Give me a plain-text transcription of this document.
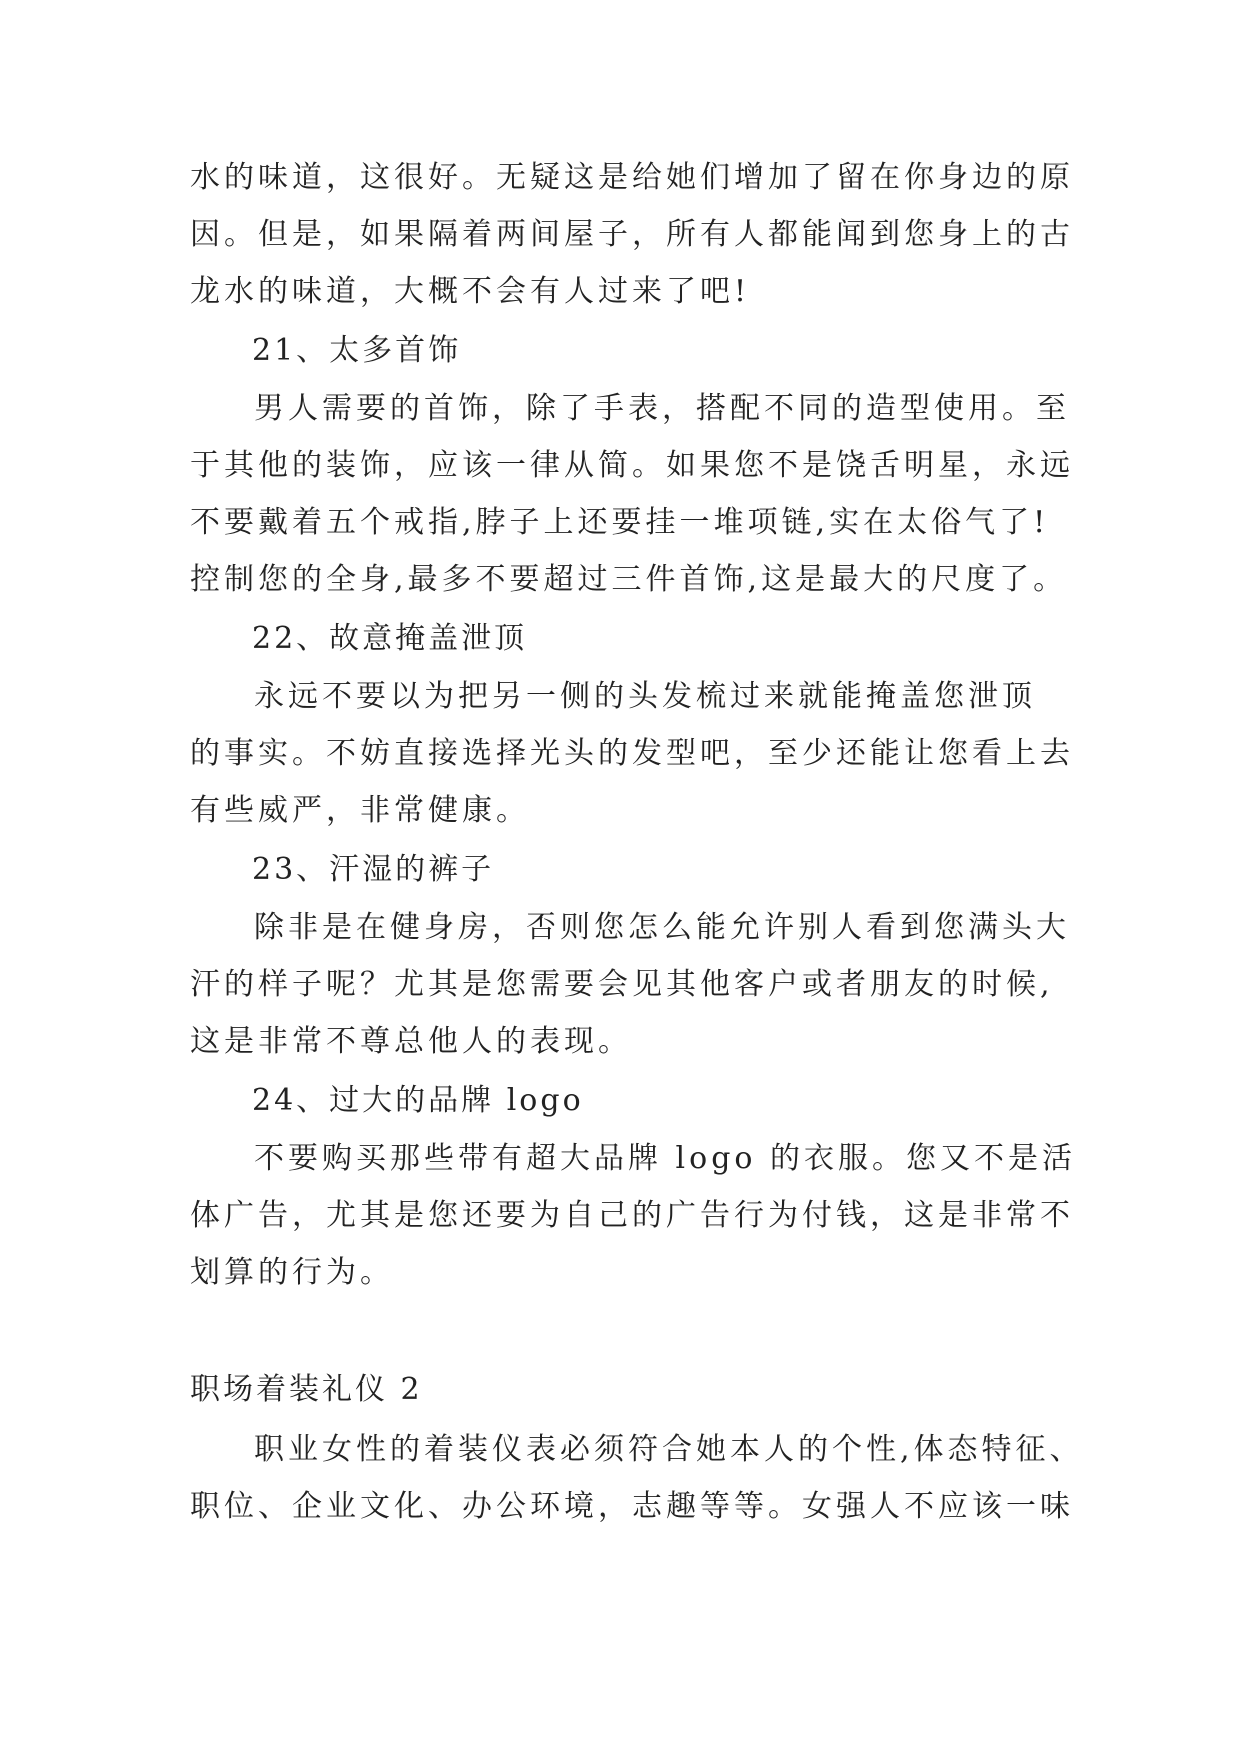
水的味道，这很好。无疑这是给她们增加了留在你身边的原
因。但是，如果隔着两间屋子，所有人都能闻到您身上的古
龙水的味道，大概不会有人过来了吧!
21、太多首饰
男人需要的首饰，除了手表，搭配不同的造型使用。至
于其他的装饰，应该一律从简。如果您不是饶舌明星，永远
不要戴着五个戒指,脖子上还要挂一堆项链,实在太俗气了!
控制您的全身,最多不要超过三件首饰,这是最大的尺度了。
22、故意掩盖泄顶
永远不要以为把另一侧的头发梳过来就能掩盖您泄顶
的事实。不妨直接选择光头的发型吧，至少还能让您看上去
有些威严，非常健康。
23、汗湿的裤子
除非是在健身房，否则您怎么能允许别人看到您满头大
汗的样子呢？尤其是您需要会见其他客户或者朋友的时候,
这是非常不尊总他人的表现。
24、过大的品牌 logo
不要购买那些带有超大品牌 logo 的衣服。您又不是活
体广告，尤其是您还要为自己的广告行为付钱，这是非常不
划算的行为。
职场着装礼仪 2
职业女性的着装仪表必须符合她本人的个性,体态特征、
职位、企业文化、办公环境，志趣等等。女强人不应该一味
